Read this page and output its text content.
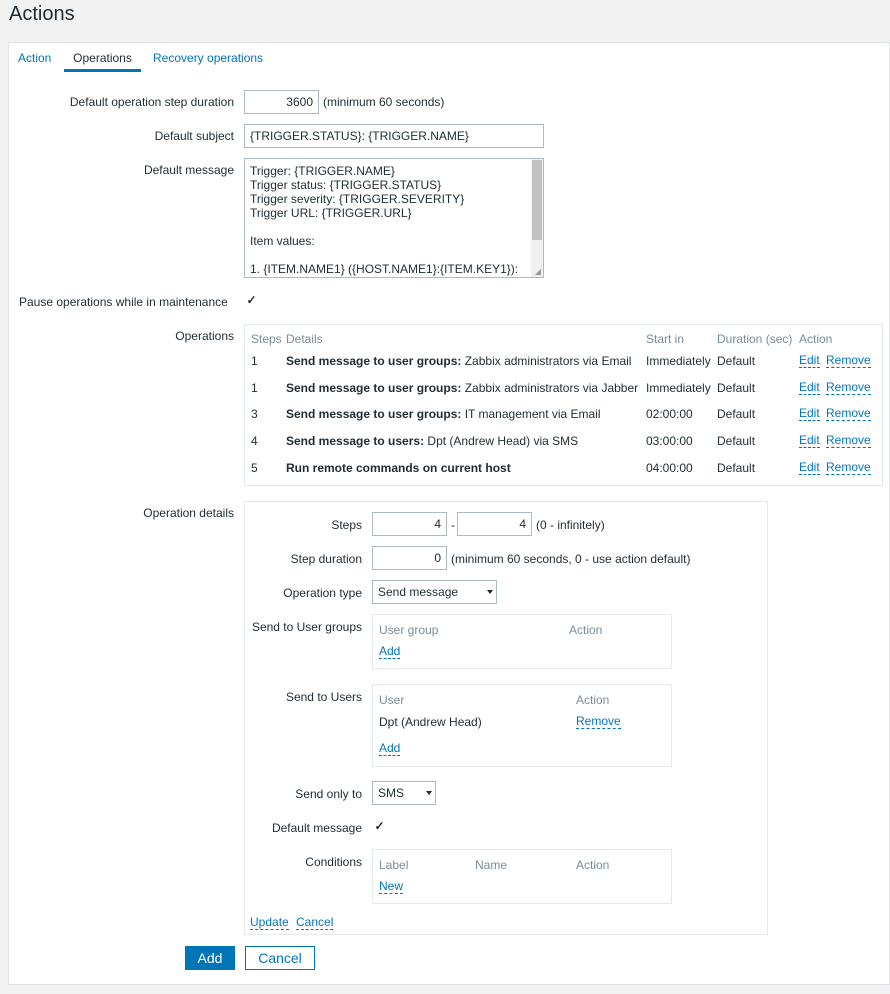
Actions
Action	Operations	Recovery operations
Default operation step duration	3600 (minimum 60 seconds)
Default subject	{TRIGGER.STATUS}: {TRIGGER.NAME}
Default message Trigger: {TRIGGER.NAME}
Trigger status: {TRIGGER.STATUS}
Trigger severity: {TRIGGER.SEVERITY}
Trigger URL: {TRIGGER.URL}
Item values:
1. {ITEM.NAME1} ({HOST.NAME1}:{ITEM.KEY1}): ◢
Pause operations while in maintenance ✓
Operations Steps Details	Start in	Duration (sec) Action
1 Send message to user groups: Zabbix administrators via Email Immediately Default	Edit Remove
1 Send message to user groups: Zabbix administrators via Jabber Immediately Default	Edit Remove
3 Send message to user groups: IT management via Email	02:00:00 Default	Edit Remove
4 Send message to users: Dpt (Andrew Head) via SMS	03:00:00 Default	Edit Remove
5 Run remote commands on current host	04:00:00 Default	Edit Remove
Operation details
Steps	4 -	4 (0 - infinitely)
Step duration	0 (minimum 60 seconds, 0 - use action default)
Operation type	Send message
Send to User groups User group	Action
Add
Send to Users User	Action
Dpt (Andrew Head)	Remove
Add
Send only to	SMS
Default message ✓
Conditions Label	Name	Action
New
Update Cancel
Add	Cancel
